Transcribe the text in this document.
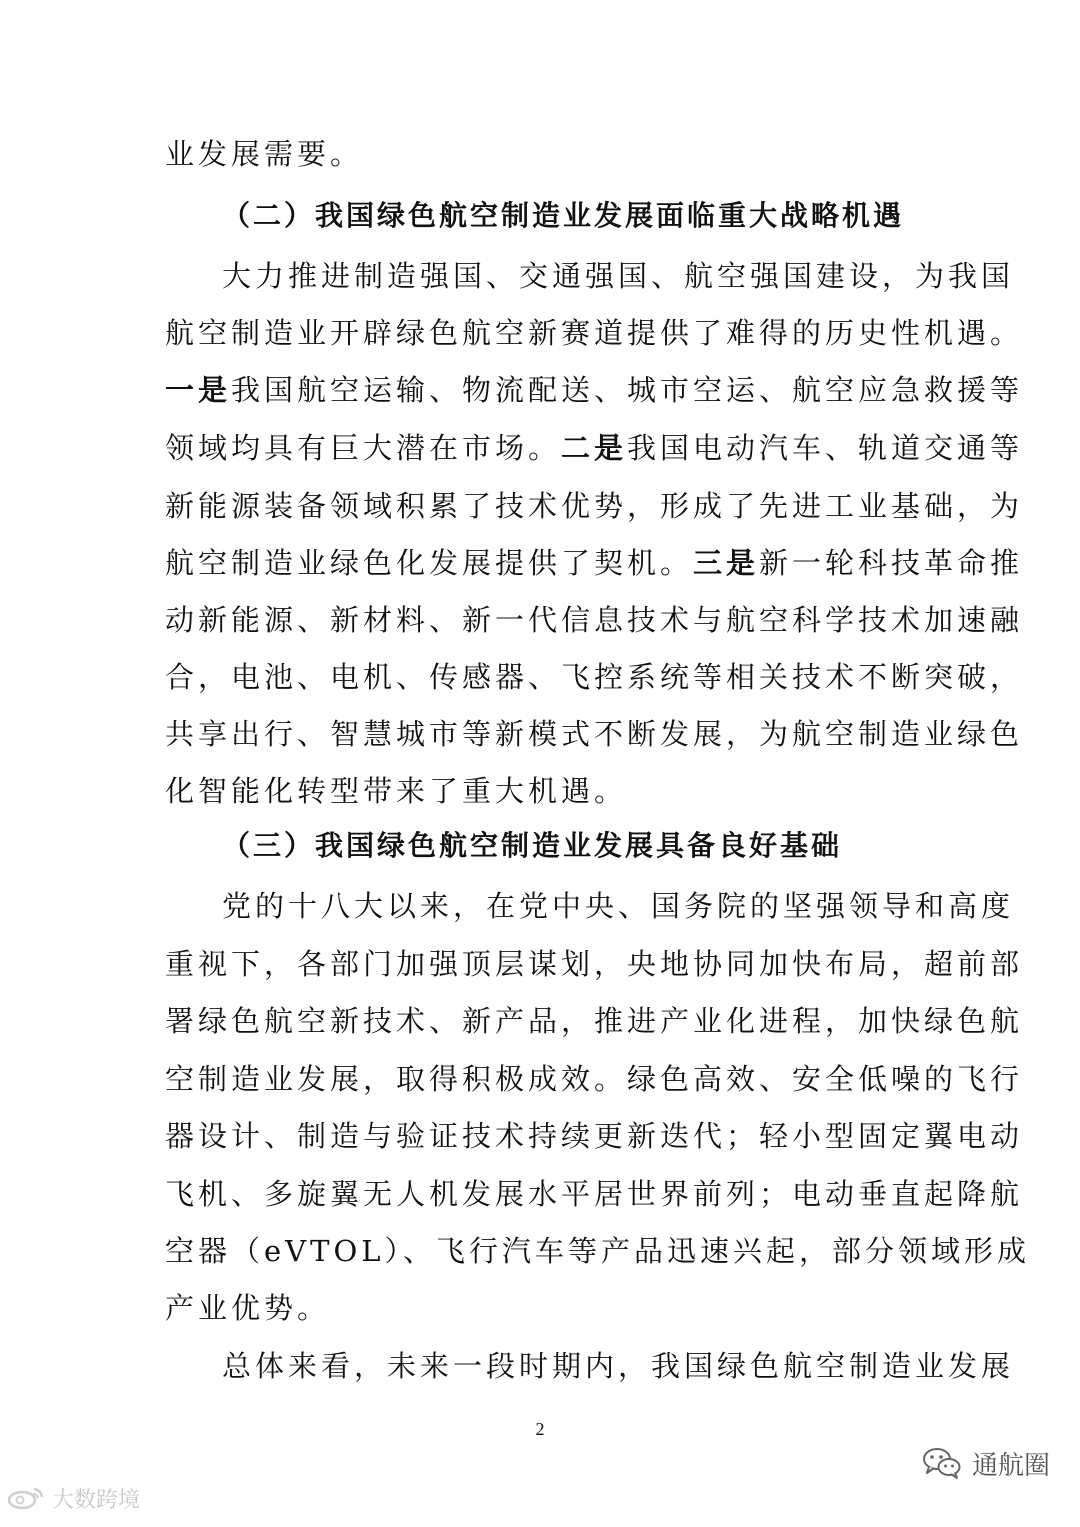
业发展需要。
（二）我国绿色航空制造业发展面临重大战略机遇
大力推进制造强国、交通强国、航空强国建设，为我国
航空制造业开辟绿色航空新赛道提供了难得的历史性机遇。
一是我国航空运输、物流配送、城市空运、航空应急救援等
领域均具有巨大潜在市场。二是我国电动汽车、轨道交通等
新能源装备领域积累了技术优势，形成了先进工业基础，为
航空制造业绿色化发展提供了契机。三是新一轮科技革命推
动新能源、新材料、新一代信息技术与航空科学技术加速融
合，电池、电机、传感器、飞控系统等相关技术不断突破，
共享出行、智慧城市等新模式不断发展，为航空制造业绿色
化智能化转型带来了重大机遇。
（三）我国绿色航空制造业发展具备良好基础
党的十八大以来，在党中央、国务院的坚强领导和高度
重视下，各部门加强顶层谋划，央地协同加快布局，超前部
署绿色航空新技术、新产品，推进产业化进程，加快绿色航
空制造业发展，取得积极成效。绿色高效、安全低噪的飞行
器设计、制造与验证技术持续更新迭代；轻小型固定翼电动
飞机、多旋翼无人机发展水平居世界前列；电动垂直起降航
空器（eVTOL）、飞行汽车等产品迅速兴起，部分领域形成
产业优势。
总体来看，未来一段时期内，我国绿色航空制造业发展
2
大数跨境
通航圈
